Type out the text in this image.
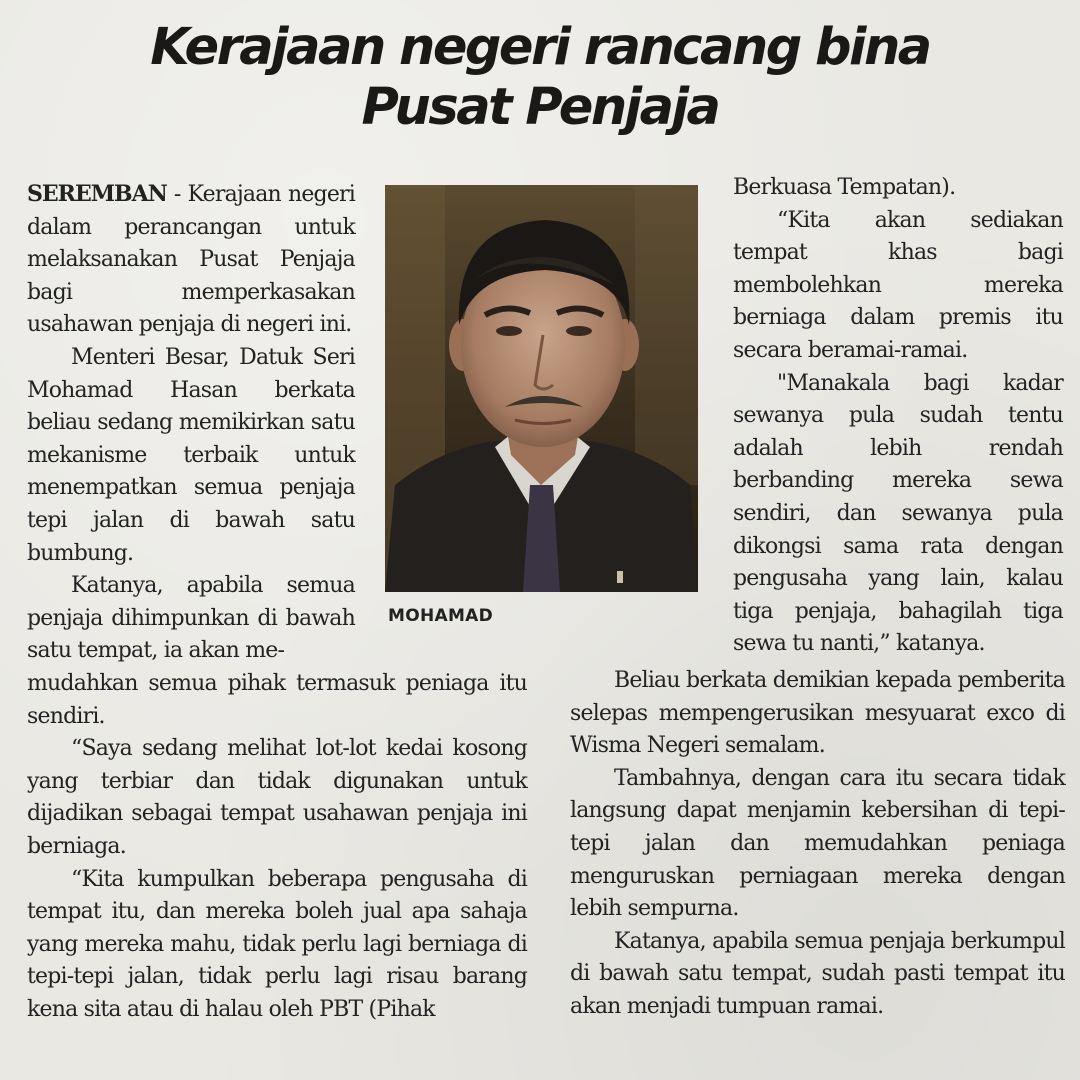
Kerajaan negeri rancang bina
Pusat Penjaja

SEREMBAN - Kerajaan negeri dalam perancangan untuk melaksanakan Pusat Penjaja bagi memperkasakan usahawan penjaja di negeri ini.

Menteri Besar, Datuk Seri Mohamad Hasan berkata beliau sedang memikirkan satu mekanisme terbaik untuk menempatkan semua penjaja tepi jalan di bawah satu bumbung.

Katanya, apabila semua penjaja dihimpunkan di bawah satu tempat, ia akan me-

MOHAMAD

mudahkan semua pihak termasuk peniaga itu sendiri.

“Saya sedang melihat lot-lot kedai kosong yang terbiar dan tidak digunakan untuk dijadikan sebagai tempat usahawan penjaja ini berniaga.

“Kita kumpulkan beberapa pengusaha di tempat itu, dan mereka boleh jual apa sahaja yang mereka mahu, tidak perlu lagi berniaga di tepi-tepi jalan, tidak perlu lagi risau barang kena sita atau di halau oleh PBT (Pihak

Berkuasa Tempatan).

“Kita akan sediakan tempat khas bagi membolehkan mereka berniaga dalam premis itu secara beramai-ramai.

"Manakala bagi kadar sewanya pula sudah tentu adalah lebih rendah berbanding mereka sewa sendiri, dan sewanya pula dikongsi sama rata dengan pengusaha yang lain, kalau tiga penjaja, bahagilah tiga sewa tu nanti,” katanya.

Beliau berkata demikian kepada pemberita selepas mempengerusikan mesyuarat exco di Wisma Negeri semalam.

Tambahnya, dengan cara itu secara tidak langsung dapat menjamin kebersihan di tepi-tepi jalan dan memudahkan peniaga menguruskan perniagaan mereka dengan lebih sempurna.

Katanya, apabila semua penjaja berkumpul di bawah satu tempat, sudah pasti tempat itu akan menjadi tumpuan ramai.
